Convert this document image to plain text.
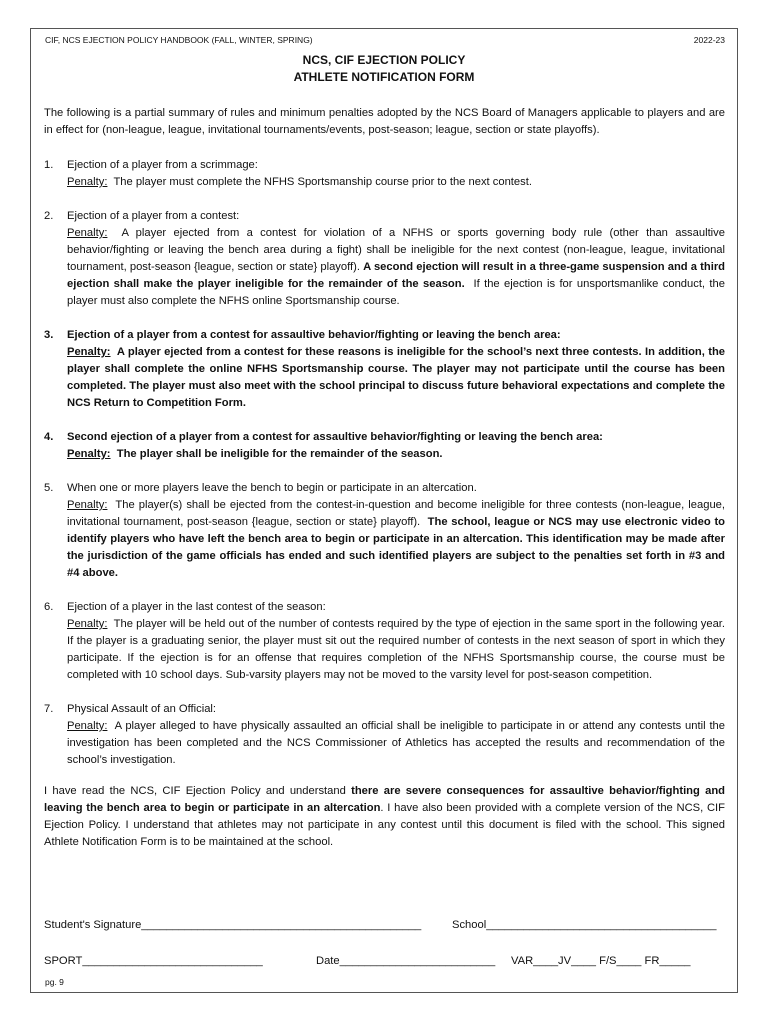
CIF, NCS EJECTION POLICY HANDBOOK (FALL, WINTER, SPRING)	2022-23
NCS, CIF EJECTION POLICY
ATHLETE NOTIFICATION FORM

The following is a partial summary of rules and minimum penalties adopted by the NCS Board of Managers applicable to players and are in effect for (non-league, league, invitational tournaments/events, post-season; league, section or state playoffs).

1. Ejection of a player from a scrimmage:
Penalty: The player must complete the NFHS Sportsmanship course prior to the next contest.
2. Ejection of a player from a contest:
Penalty: A player ejected from a contest for violation of a NFHS or sports governing body rule (other than assaultive behavior/fighting or leaving the bench area during a fight) shall be ineligible for the next contest (non-league, league, invitational tournament, post-season {league, section or state} playoff). A second ejection will result in a three-game suspension and a third ejection shall make the player ineligible for the remainder of the season. If the ejection is for unsportsmanlike conduct, the player must also complete the NFHS online Sportsmanship course.
3. Ejection of a player from a contest for assaultive behavior/fighting or leaving the bench area:
Penalty: A player ejected from a contest for these reasons is ineligible for the school’s next three contests. In addition, the player shall complete the online NFHS Sportsmanship course. The player may not participate until the course has been completed. The player must also meet with the school principal to discuss future behavioral expectations and complete the NCS Return to Competition Form.
4. Second ejection of a player from a contest for assaultive behavior/fighting or leaving the bench area:
Penalty: The player shall be ineligible for the remainder of the season.
5. When one or more players leave the bench to begin or participate in an altercation.
Penalty: The player(s) shall be ejected from the contest-in-question and become ineligible for three contests (non-league, league, invitational tournament, post-season {league, section or state} playoff). The school, league or NCS may use electronic video to identify players who have left the bench area to begin or participate in an altercation. This identification may be made after the jurisdiction of the game officials has ended and such identified players are subject to the penalties set forth in #3 and #4 above.
6. Ejection of a player in the last contest of the season:
Penalty: The player will be held out of the number of contests required by the type of ejection in the same sport in the following year. If the player is a graduating senior, the player must sit out the required number of contests in the next season of sport in which they participate. If the ejection is for an offense that requires completion of the NFHS Sportsmanship course, the course must be completed with 10 school days. Sub-varsity players may not be moved to the varsity level for post-season competition.
7. Physical Assault of an Official:
Penalty: A player alleged to have physically assaulted an official shall be ineligible to participate in or attend any contests until the investigation has been completed and the NCS Commissioner of Athletics has accepted the results and recommendation of the school’s investigation.

I have read the NCS, CIF Ejection Policy and understand there are severe consequences for assaultive behavior/fighting and leaving the bench area to begin or participate in an altercation. I have also been provided with a complete version of the NCS, CIF Ejection Policy. I understand that athletes may not participate in any contest until this document is filed with the school. This signed Athlete Notification Form is to be maintained at the school.

Student's Signature_____________________________________________	School_____________________________________
SPORT_____________________________	Date_________________________ VAR____JV____ F/S____ FR_____
pg. 9
